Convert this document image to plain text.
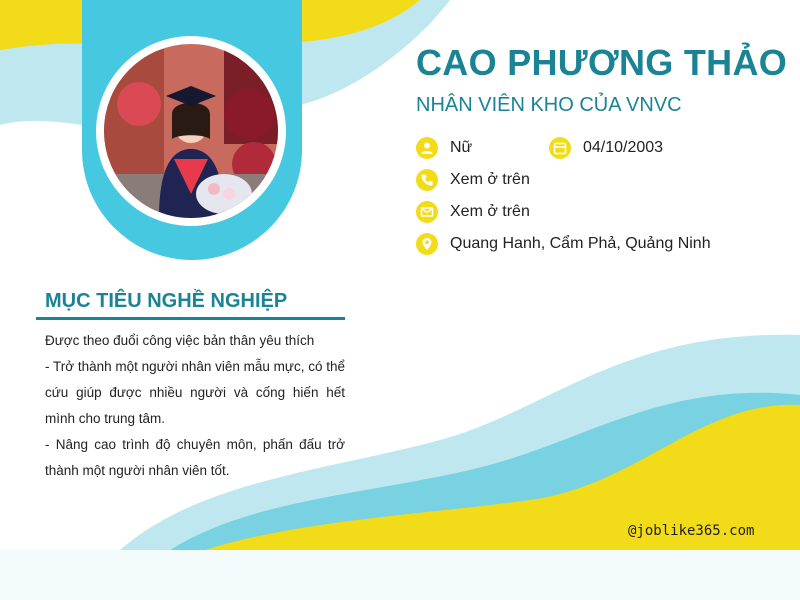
CAO PHƯƠNG THẢO
NHÂN VIÊN KHO CỦA VNVC
Nữ	04/10/2003
Xem ở trên
Xem ở trên
Quang Hanh, Cẩm Phả, Quảng Ninh
MỤC TIÊU NGHỀ NGHIỆP

Được theo đuổi công việc bản thân yêu thích

- Trở thành một người nhân viên mẫu mực, có thể cứu giúp được nhiều người và cống hiến hết mình cho trung tâm.

- Nâng cao trình độ chuyên môn, phấn đấu trở thành một người nhân viên tốt.

@joblike365.com
